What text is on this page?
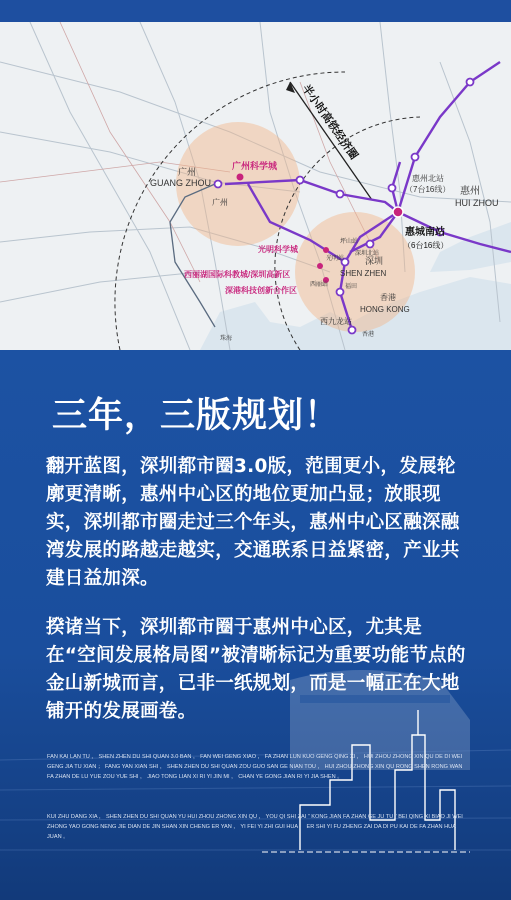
广州
GUANG ZHOU
广州
广州科学城
惠州北站
（7台16线） 惠州
HUI ZHOU
惠城南站
（6台16线）
光明科学城
深圳
SHEN ZHEN
西丽湖国际科教城/深圳高新区
深港科技创新合作区
香港
HONG KONG
西九龙站
香港
珠海
坪山站
深圳北站
光明站
西丽站	福田
半小时高铁经济圈
三年，三版规划！

翻开蓝图，深圳都市圈3.0版，范围更小，发展轮廓更清晰，惠州中心区的地位更加凸显；放眼现实，深圳都市圈走过三个年头，惠州中心区融深融湾发展的路越走越实，交通联系日益紧密，产业共建日益加深。

揆诸当下，深圳都市圈于惠州中心区，尤其是在“空间发展格局图”被清晰标记为重要功能节点的金山新城而言，已非一纸规划，而是一幅正在大地铺开的发展画卷。

FAN KAI LAN TU ， SHEN ZHEN DU SHI QUAN 3.0 BAN ， FAN WEI GENG XIAO ， FA ZHAN LUN KUO GENG QING XI ， HUI ZHOU ZHONG XIN QU DE DI WEI GENG JIA TU XIAN ； FANG YAN XIAN SHI ， SHEN ZHEN DU SHI QUAN ZOU GUO SAN GE NIAN TOU ， HUI ZHOU ZHONG XIN QU RONG SHEN RONG WAN FA ZHAN DE LU YUE ZOU YUE SHI ， JIAO TONG LIAN XI RI YI JIN MI ， CHAN YE GONG JIAN RI YI JIA SHEN 。

KUI ZHU DANG XIA ， SHEN ZHEN DU SHI QUAN YU HUI ZHOU ZHONG XIN QU ， YOU QI SHI ZAI “ KONG JIAN FA ZHAN GE JU TU ” BEI QING XI BIAO JI WEI ZHONG YAO GONG NENG JIE DIAN DE JIN SHAN XIN CHENG ER YAN ， YI FEI YI ZHI GUI HUA ， ER SHI YI FU ZHENG ZAI DA DI PU KAI DE FA ZHAN HUA JUAN 。
